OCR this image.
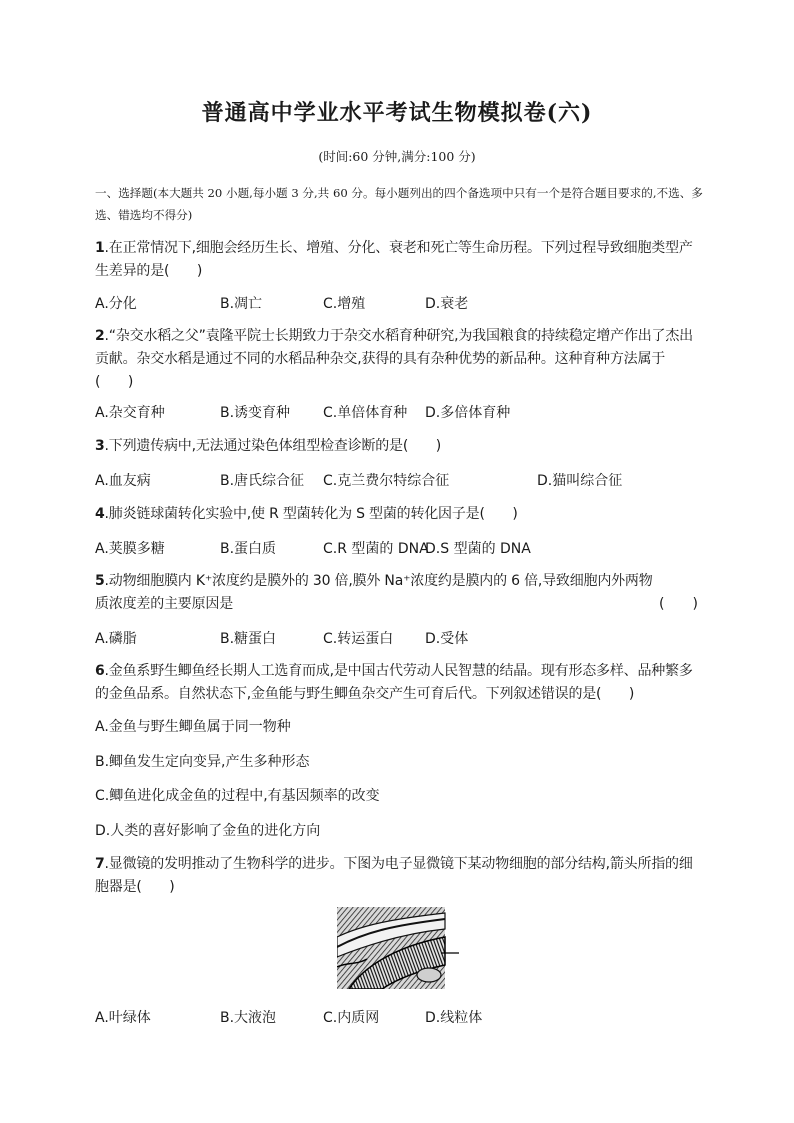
普通高中学业水平考试生物模拟卷(六)
(时间:60 分钟,满分:100 分)
一、选择题(本大题共 20 小题,每小题 3 分,共 60 分。每小题列出的四个备选项中只有一个是符合题目要求的,不选、多选、错选均不得分)
1.在正常情况下,细胞会经历生长、增殖、分化、衰老和死亡等生命历程。下列过程导致细胞类型产生差异的是(　　)
A.分化	B.凋亡	C.增殖	D.衰老
2.“杂交水稻之父”袁隆平院士长期致力于杂交水稻育种研究,为我国粮食的持续稳定增产作出了杰出贡献。杂交水稻是通过不同的水稻品种杂交,获得的具有杂种优势的新品种。这种育种方法属于(　　)
A.杂交育种	B.诱变育种 C.单倍体育种 D.多倍体育种
3.下列遗传病中,无法通过染色体组型检查诊断的是(　　)
A.血友病	B.唐氏综合征 C.克兰费尔特综合征	D.猫叫综合征
4.肺炎链球菌转化实验中,使 R 型菌转化为 S 型菌的转化因子是(　　)
A.荚膜多糖	B.蛋白质	C.R 型菌的 DNA
D.S 型菌的 DNA
5.动物细胞膜内 K⁺浓度约是膜外的 30 倍,膜外 Na⁺浓度约是膜内的 6 倍,导致细胞内外两物质浓度差的主要原因是	(　　)
A.磷脂	B.糖蛋白	C.转运蛋白 D.受体
6.金鱼系野生鲫鱼经长期人工选育而成,是中国古代劳动人民智慧的结晶。现有形态多样、品种繁多的金鱼品系。自然状态下,金鱼能与野生鲫鱼杂交产生可育后代。下列叙述错误的是(　　)
A.金鱼与野生鲫鱼属于同一物种
B.鲫鱼发生定向变异,产生多种形态
C.鲫鱼进化成金鱼的过程中,有基因频率的改变
D.人类的喜好影响了金鱼的进化方向
7.显微镜的发明推动了生物科学的进步。下图为电子显微镜下某动物细胞的部分结构,箭头所指的细胞器是(　　)
A.叶绿体	B.大液泡	C.内质网	D.线粒体
